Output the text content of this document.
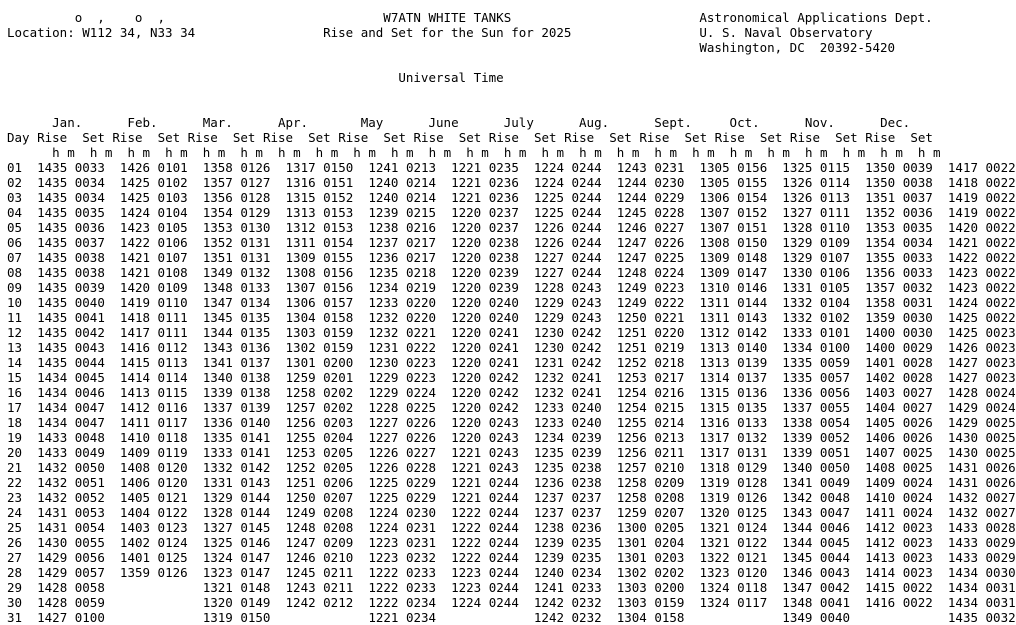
o  ,    o  ,                             W7ATN WHITE TANKS                         Astronomical Applications Dept.
Location: W112 34, N33 34                 Rise and Set for the Sun for 2025                 U. S. Naval Observatory
Washington, DC  20392-5420

Universal Time

Jan.      Feb.      Mar.      Apr.       May      June      July      Aug.      Sept.     Oct.      Nov.      Dec.
Day Rise Set Rise Set Rise Set Rise Set Rise Set Rise Set Rise Set Rise Set Rise Set Rise Set Rise Set Rise Set
h m h m h m h m h m h m h m h m h m h m h m h m h m h m h m h m h m h m h m h m h m h m h m h m
01 1435 0033 1426 0101 1358 0126 1317 0150 1241 0213 1221 0235 1224 0244 1243 0231 1305 0156 1325 0115 1350 0039 1417 0022
02 1435 0034 1425 0102 1357 0127 1316 0151 1240 0214 1221 0236 1224 0244 1244 0230 1305 0155 1326 0114 1350 0038 1418 0022
03 1435 0034 1425 0103 1356 0128 1315 0152 1240 0214 1221 0236 1225 0244 1244 0229 1306 0154 1326 0113 1351 0037 1419 0022
04 1435 0035 1424 0104 1354 0129 1313 0153 1239 0215 1220 0237 1225 0244 1245 0228 1307 0152 1327 0111 1352 0036 1419 0022
05 1435 0036 1423 0105 1353 0130 1312 0153 1238 0216 1220 0237 1226 0244 1246 0227 1307 0151 1328 0110 1353 0035 1420 0022
06 1435 0037 1422 0106 1352 0131 1311 0154 1237 0217 1220 0238 1226 0244 1247 0226 1308 0150 1329 0109 1354 0034 1421 0022
07 1435 0038 1421 0107 1351 0131 1309 0155 1236 0217 1220 0238 1227 0244 1247 0225 1309 0148 1329 0107 1355 0033 1422 0022
08 1435 0038 1421 0108 1349 0132 1308 0156 1235 0218 1220 0239 1227 0244 1248 0224 1309 0147 1330 0106 1356 0033 1423 0022
09 1435 0039 1420 0109 1348 0133 1307 0156 1234 0219 1220 0239 1228 0243 1249 0223 1310 0146 1331 0105 1357 0032 1423 0022
10 1435 0040 1419 0110 1347 0134 1306 0157 1233 0220 1220 0240 1229 0243 1249 0222 1311 0144 1332 0104 1358 0031 1424 0022
11 1435 0041 1418 0111 1345 0135 1304 0158 1232 0220 1220 0240 1229 0243 1250 0221 1311 0143 1332 0102 1359 0030 1425 0022
12 1435 0042 1417 0111 1344 0135 1303 0159 1232 0221 1220 0241 1230 0242 1251 0220 1312 0142 1333 0101 1400 0030 1425 0023
13 1435 0043 1416 0112 1343 0136 1302 0159 1231 0222 1220 0241 1230 0242 1251 0219 1313 0140 1334 0100 1400 0029 1426 0023
14 1435 0044 1415 0113 1341 0137 1301 0200 1230 0223 1220 0241 1231 0242 1252 0218 1313 0139 1335 0059 1401 0028 1427 0023
15 1434 0045 1414 0114 1340 0138 1259 0201 1229 0223 1220 0242 1232 0241 1253 0217 1314 0137 1335 0057 1402 0028 1427 0023
16 1434 0046 1413 0115 1339 0138 1258 0202 1229 0224 1220 0242 1232 0241 1254 0216 1315 0136 1336 0056 1403 0027 1428 0024
17 1434 0047 1412 0116 1337 0139 1257 0202 1228 0225 1220 0242 1233 0240 1254 0215 1315 0135 1337 0055 1404 0027 1429 0024
18 1434 0047 1411 0117 1336 0140 1256 0203 1227 0226 1220 0243 1233 0240 1255 0214 1316 0133 1338 0054 1405 0026 1429 0025
19 1433 0048 1410 0118 1335 0141 1255 0204 1227 0226 1220 0243 1234 0239 1256 0213 1317 0132 1339 0052 1406 0026 1430 0025
20 1433 0049 1409 0119 1333 0141 1253 0205 1226 0227 1221 0243 1235 0239 1256 0211 1317 0131 1339 0051 1407 0025 1430 0025
21 1432 0050 1408 0120 1332 0142 1252 0205 1226 0228 1221 0243 1235 0238 1257 0210 1318 0129 1340 0050 1408 0025 1431 0026
22 1432 0051 1406 0120 1331 0143 1251 0206 1225 0229 1221 0244 1236 0238 1258 0209 1319 0128 1341 0049 1409 0024 1431 0026
23 1432 0052 1405 0121 1329 0144 1250 0207 1225 0229 1221 0244 1237 0237 1258 0208 1319 0126 1342 0048 1410 0024 1432 0027
24 1431 0053 1404 0122 1328 0144 1249 0208 1224 0230 1222 0244 1237 0237 1259 0207 1320 0125 1343 0047 1411 0024 1432 0027
25 1431 0054 1403 0123 1327 0145 1248 0208 1224 0231 1222 0244 1238 0236 1300 0205 1321 0124 1344 0046 1412 0023 1433 0028
26 1430 0055 1402 0124 1325 0146 1247 0209 1223 0231 1222 0244 1239 0235 1301 0204 1321 0122 1344 0045 1412 0023 1433 0029
27 1429 0056 1401 0125 1324 0147 1246 0210 1223 0232 1222 0244 1239 0235 1301 0203 1322 0121 1345 0044 1413 0023 1433 0029
28 1429 0057 1359 0126 1323 0147 1245 0211 1222 0233 1223 0244 1240 0234 1302 0202 1323 0120 1346 0043 1414 0023 1434 0030
29 1428 0058	1321 0148 1243 0211 1222 0233 1223 0244 1241 0233 1303 0200 1324 0118 1347 0042 1415 0022 1434 0031
30 1428 0059	1320 0149 1242 0212 1222 0234 1224 0244 1242 0232 1303 0159 1324 0117 1348 0041 1416 0022 1434 0031
31 1427 0100	1319 0150	1221 0234	1242 0232 1304 0158	1349 0040	1435 0032
